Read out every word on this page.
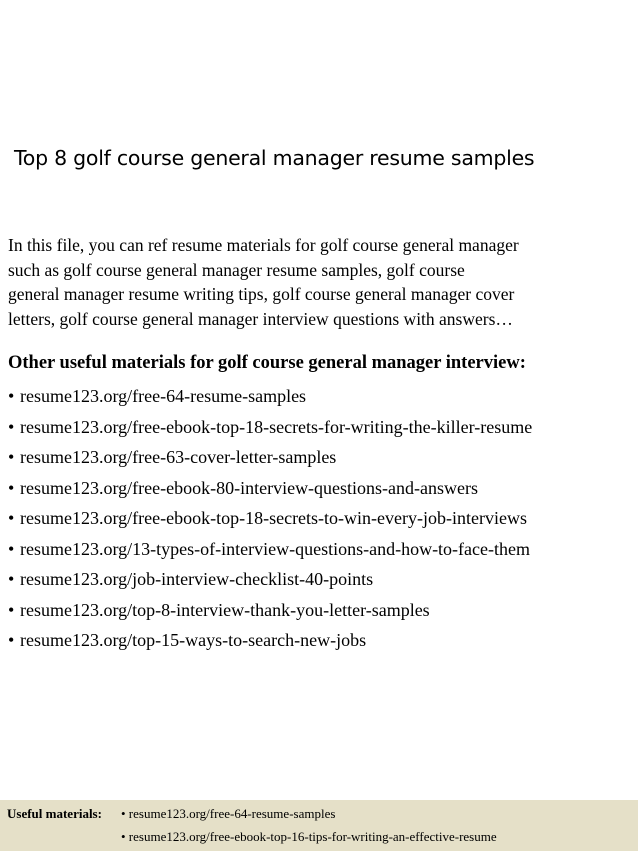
Top 8 golf course general manager resume samples

In this file, you can ref resume materials for golf course general manager
such as golf course general manager resume samples, golf course
general manager resume writing tips, golf course general manager cover
letters, golf course general manager interview questions with answers…

Other useful materials for golf course general manager interview:
• resume123.org/free-64-resume-samples
• resume123.org/free-ebook-top-18-secrets-for-writing-the-killer-resume
• resume123.org/free-63-cover-letter-samples
• resume123.org/free-ebook-80-interview-questions-and-answers
• resume123.org/free-ebook-top-18-secrets-to-win-every-job-interviews
• resume123.org/13-types-of-interview-questions-and-how-to-face-them
• resume123.org/job-interview-checklist-40-points
• resume123.org/top-8-interview-thank-you-letter-samples
• resume123.org/top-15-ways-to-search-new-jobs
Useful materials: • resume123.org/free-64-resume-samples
• resume123.org/free-ebook-top-16-tips-for-writing-an-effective-resume
